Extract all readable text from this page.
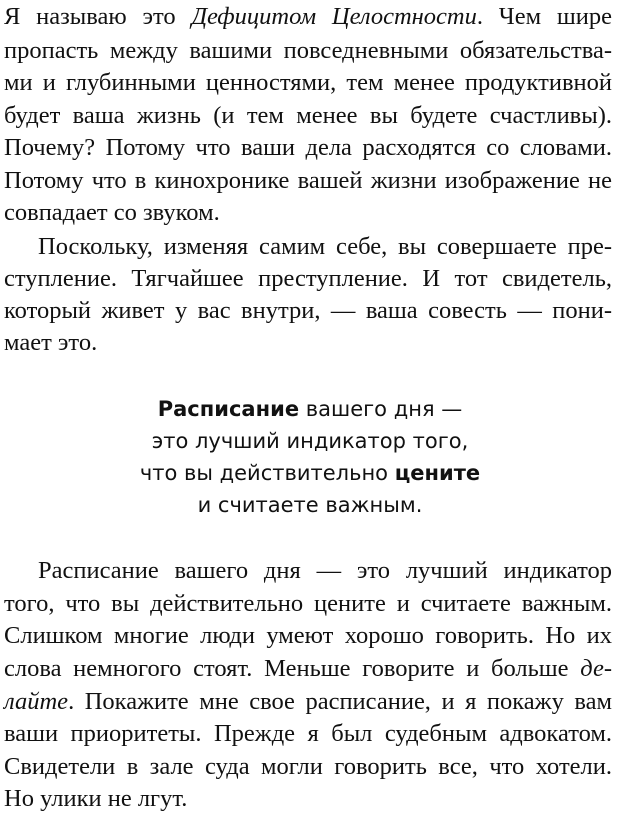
Я называю это Дефицитом Целостности. Чем шире
пропасть между вашими повседневными обязательства-
ми и глубинными ценностями, тем менее продуктивной
будет ваша жизнь (и тем менее вы будете счастливы).
Почему? Потому что ваши дела расходятся со словами.
Потому что в кинохронике вашей жизни изображение не
совпадает со звуком.
Поскольку, изменяя самим себе, вы совершаете пре-
ступление. Тягчайшее преступление. И тот свидетель,
который живет у вас внутри, — ваша совесть — пони-
мает это.
Расписание вашего дня —
это лучший индикатор того,
что вы действительно цените
и считаете важным.
Расписание вашего дня — это лучший индикатор
того, что вы действительно цените и считаете важным.
Слишком многие люди умеют хорошо говорить. Но их
слова немногого стоят. Меньше говорите и больше де-
лайте. Покажите мне свое расписание, и я покажу вам
ваши приоритеты. Прежде я был судебным адвокатом.
Свидетели в зале суда могли говорить все, что хотели.
Но улики не лгут.
